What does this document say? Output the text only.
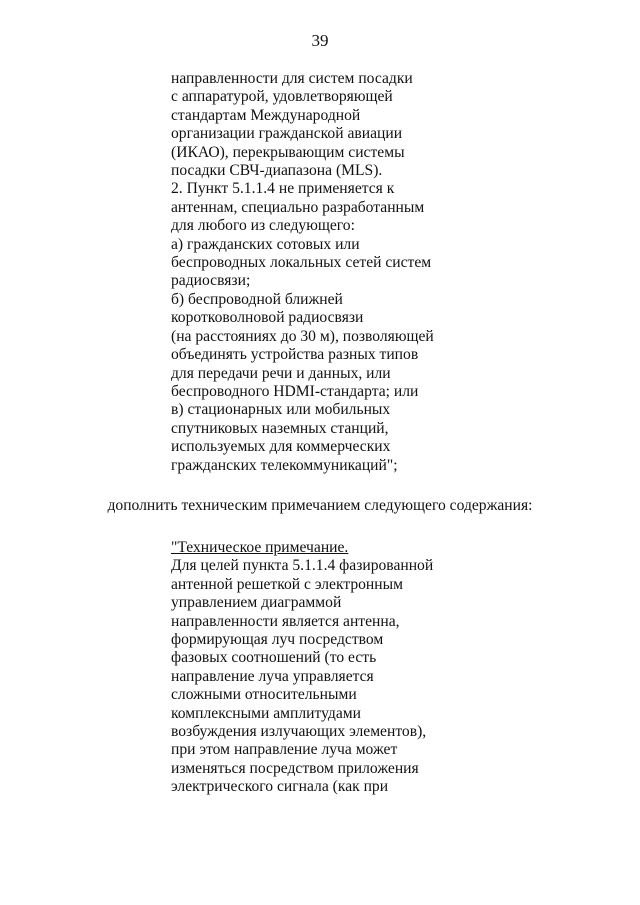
39
направленности для систем посадки
с аппаратурой, удовлетворяющей
стандартам Международной
организации гражданской авиации
(ИКАО), перекрывающим системы
посадки СВЧ-диапазона (MLS).
2. Пункт 5.1.1.4 не применяется к
антеннам, специально разработанным
для любого из следующего:
а) гражданских сотовых или
беспроводных локальных сетей систем
радиосвязи;
б) беспроводной ближней
коротковолновой радиосвязи
(на расстояниях до 30 м), позволяющей
объединять устройства разных типов
для передачи речи и данных, или
беспроводного HDMI-стандарта; или
в) стационарных или мобильных
спутниковых наземных станций,
используемых для коммерческих
гражданских телекоммуникаций";
дополнить техническим примечанием следующего содержания:
"Техническое примечание.
Для целей пункта 5.1.1.4 фазированной
антенной решеткой с электронным
управлением диаграммой
направленности является антенна,
формирующая луч посредством
фазовых соотношений (то есть
направление луча управляется
сложными относительными
комплексными амплитудами
возбуждения излучающих элементов),
при этом направление луча может
изменяться посредством приложения
электрического сигнала (как при
